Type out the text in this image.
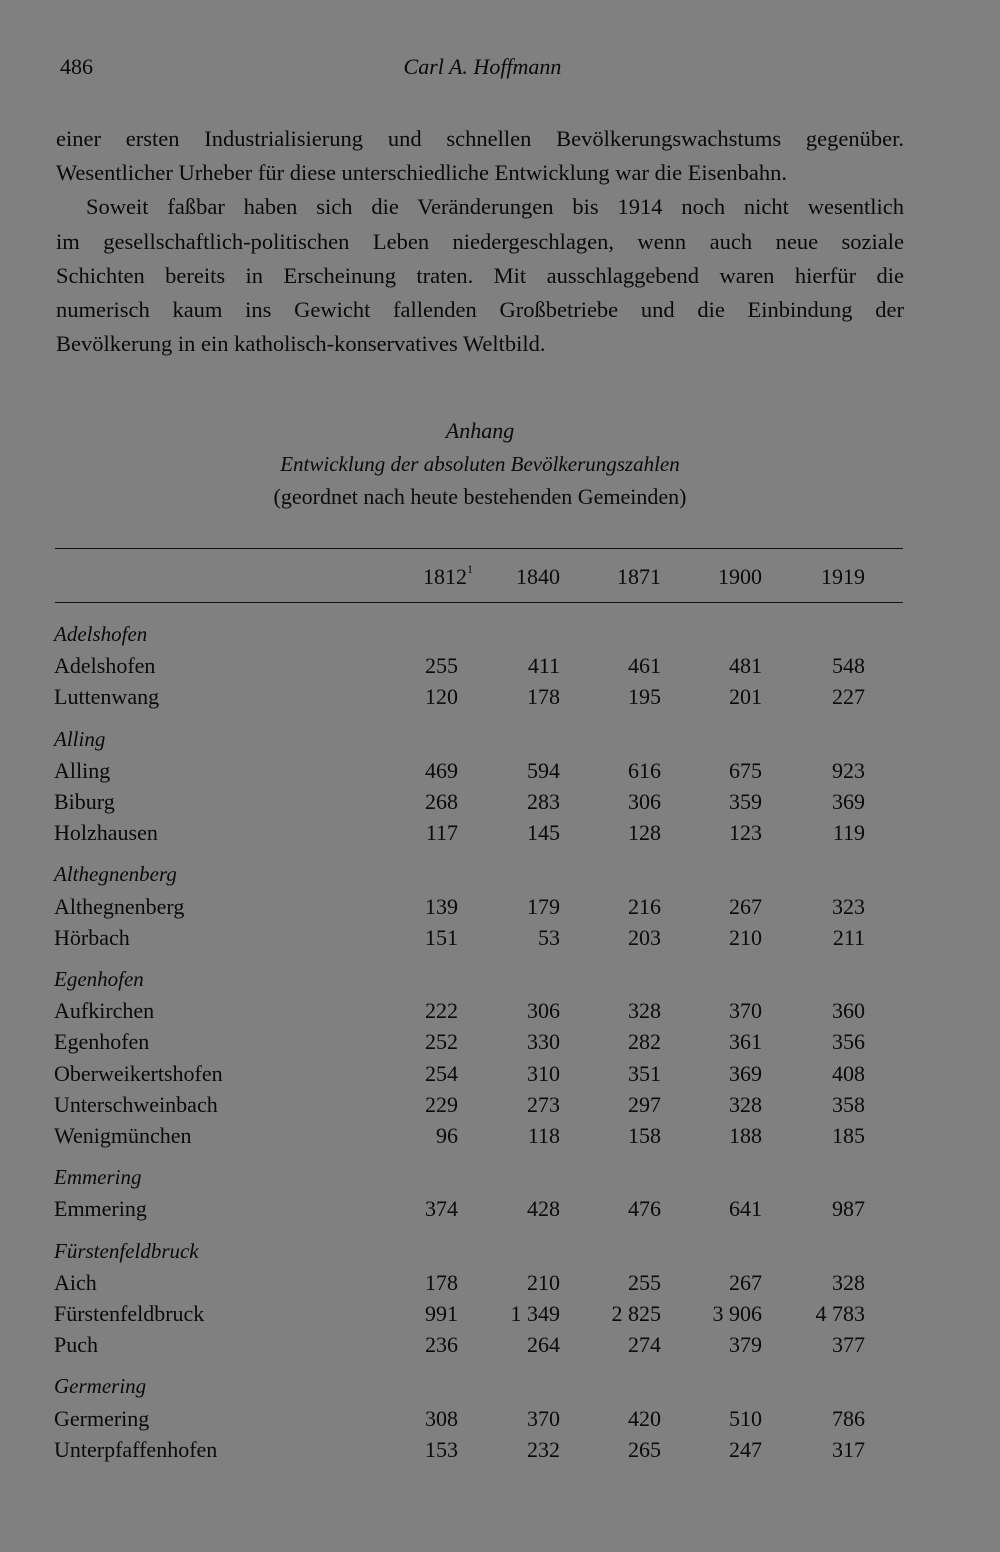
486	Carl A. Hoffmann

einer ersten Industrialisierung und schnellen Bevölkerungswachstums gegenüber.
Wesentlicher Urheber für diese unterschiedliche Entwicklung war die Eisenbahn.
Soweit faßbar haben sich die Veränderungen bis 1914 noch nicht wesentlich
im gesellschaftlich-politischen Leben niedergeschlagen, wenn auch neue soziale
Schichten bereits in Erscheinung traten. Mit ausschlaggebend waren hierfür die
numerisch kaum ins Gewicht fallenden Großbetriebe und die Einbindung der
Bevölkerung in ein katholisch-konservatives Weltbild.

Anhang
Entwicklung der absoluten Bevölkerungszahlen
(geordnet nach heute bestehenden Gemeinden)
1812$^1$	1840	1871	1900	1919
Adelshofen
Adelshofen	255	411	461	481	548
Luttenwang	120	178	195	201	227
Alling
Alling	469	594	616	675	923
Biburg	268	283	306	359	369
Holzhausen	117	145	128	123	119
Althegnenberg
Althegnenberg	139	179	216	267	323
Hörbach	151	53	203	210	211
Egenhofen
Aufkirchen	222	306	328	370	360
Egenhofen	252	330	282	361	356
Oberweikertshofen	254	310	351	369	408
Unterschweinbach	229	273	297	328	358
Wenigmünchen	96	118	158	188	185
Emmering
Emmering	374	428	476	641	987
Fürstenfeldbruck
Aich	178	210	255	267	328
Fürstenfeldbruck	991	1 349	2 825	3 906	4 783
Puch	236	264	274	379	377
Germering
Germering	308	370	420	510	786
Unterpfaffenhofen	153	232	265	247	317
